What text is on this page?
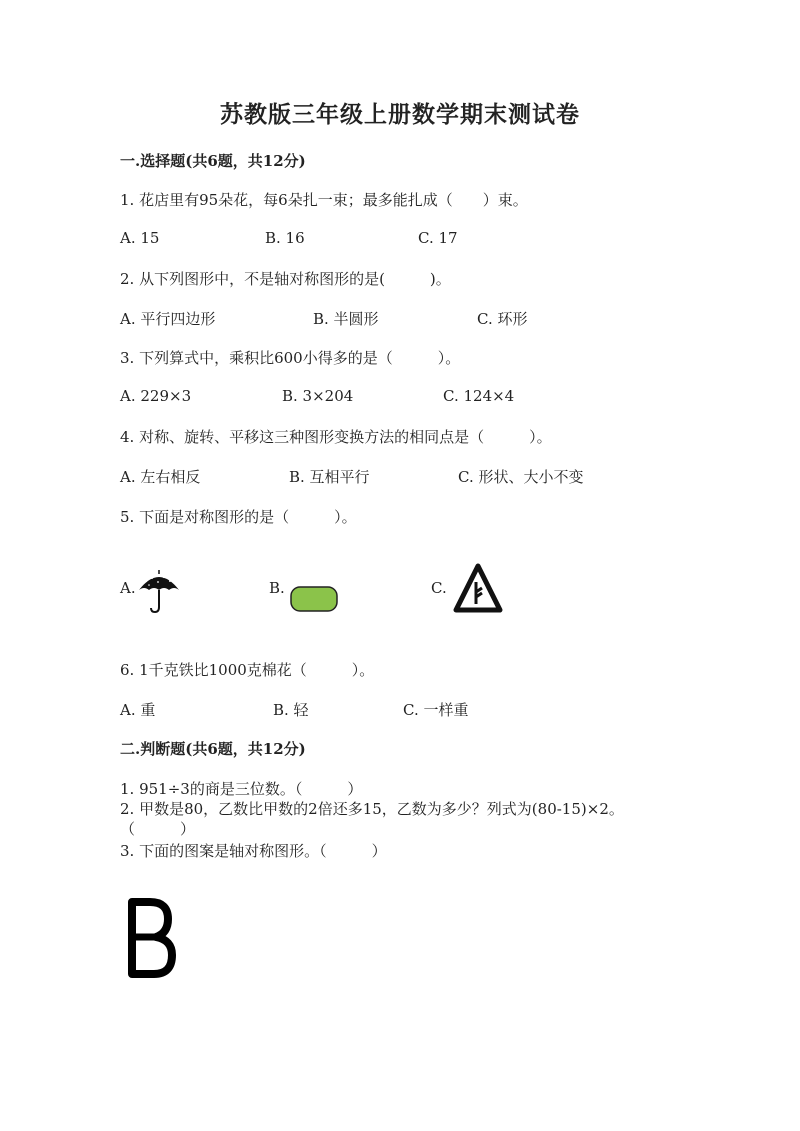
苏教版三年级上册数学期末测试卷
一.选择题(共6题，共12分)
1. 花店里有95朵花，每6朵扎一束；最多能扎成（　　）束。
A. 15	B. 16	C. 17
2. 从下列图形中，不是轴对称图形的是(　　　)。
A. 平行四边形	B. 半圆形	C. 环形
3. 下列算式中，乘积比600小得多的是（　　　）。
A. 229×3	B. 3×204	C. 124×4
4. 对称、旋转、平移这三种图形变换方法的相同点是（　　　）。
A. 左右相反	B. 互相平行	C. 形状、大小不变
5. 下面是对称图形的是（　　　）。
A.	B.	C.
6. 1千克铁比1000克棉花（　　　）。
A. 重	B. 轻	C. 一样重
二.判断题(共6题，共12分)
1. 951÷3的商是三位数。（　　　）
2. 甲数是80，乙数比甲数的2倍还多15，乙数为多少？列式为(80-15)×2。
（　　　）
3. 下面的图案是轴对称图形。（　　　）
